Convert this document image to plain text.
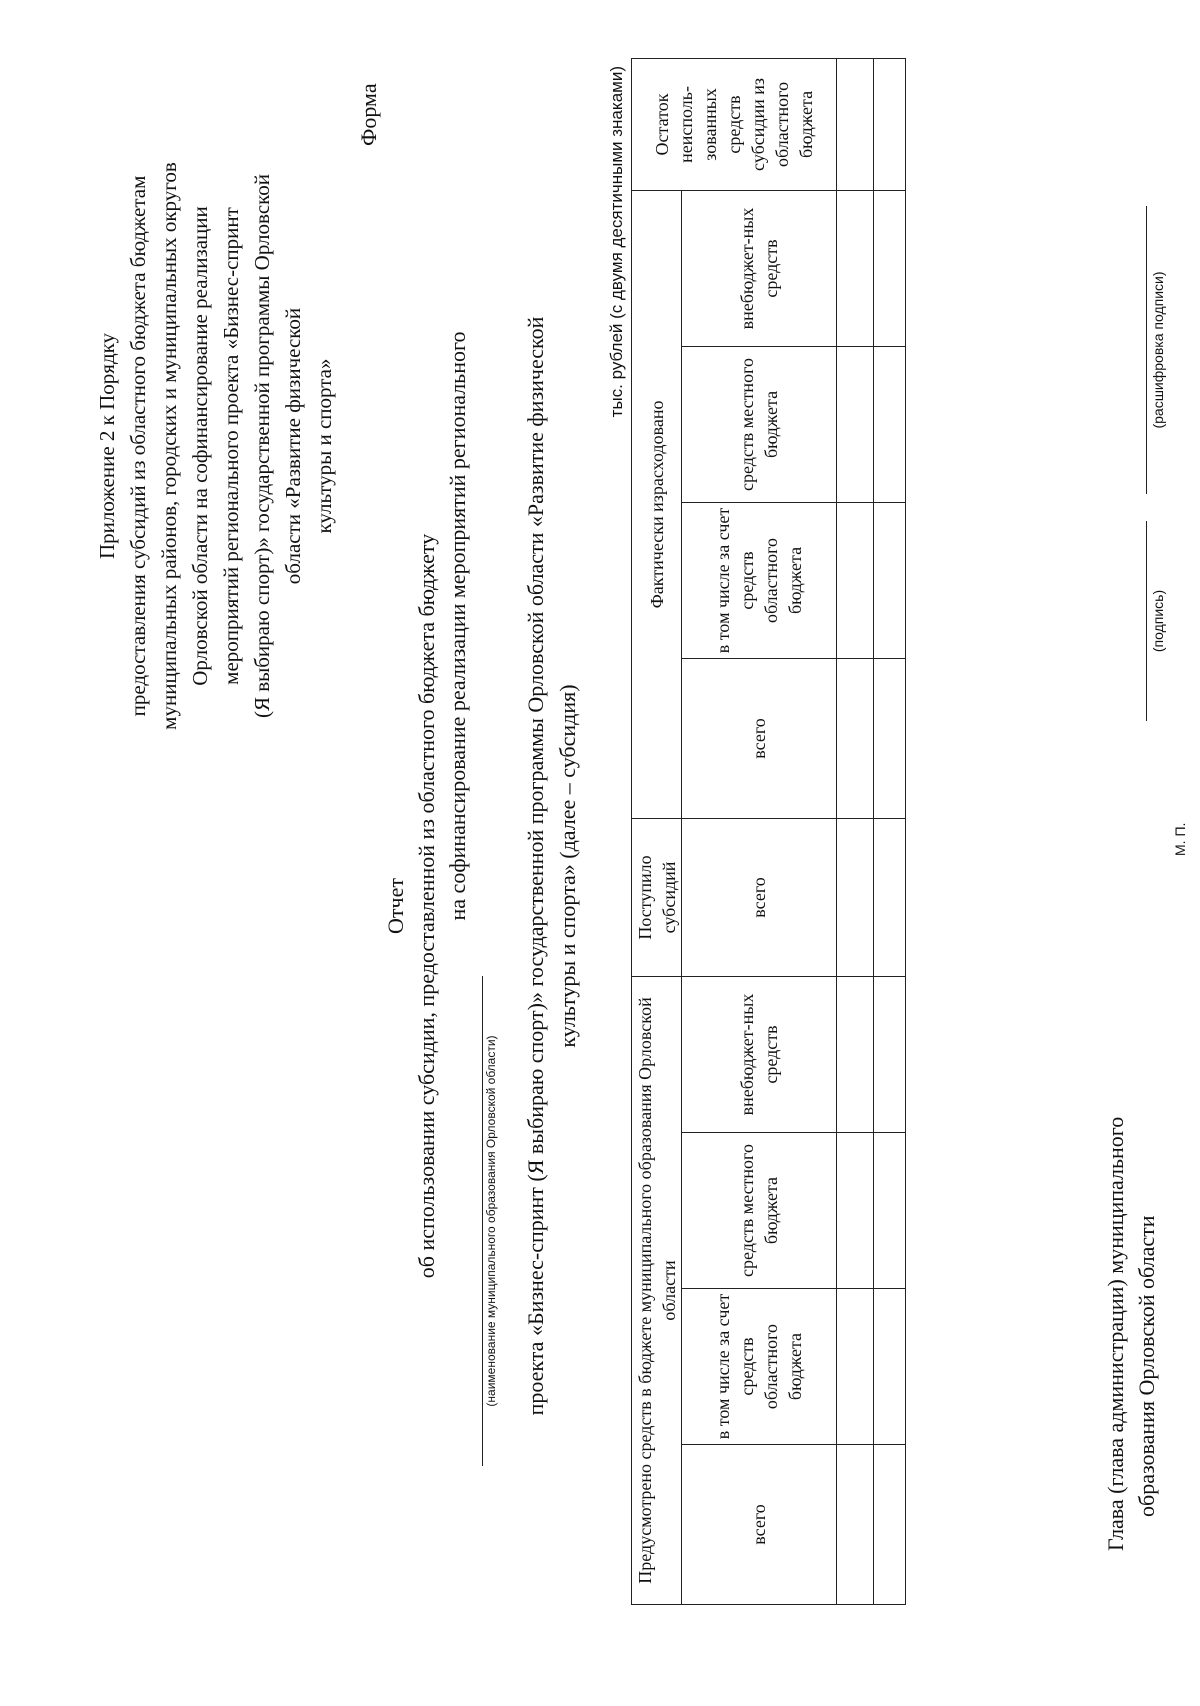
Приложение 2 к Порядку предоставления субсидий из областного бюджета бюджетам муниципальных районов, городских и муниципальных округов Орловской области на софинансирование реализации мероприятий регионального проекта «Бизнес-спринт (Я выбираю спорт)» государственной программы Орловской области «Развитие физической культуры и спорта»
Форма
Отчет об использовании субсидии, предоставленной из областного бюджета бюджету на софинансирование реализации мероприятий регионального
(наименование муниципального образования Орловской области) проекта «Бизнес-спринт (Я выбираю спорт)» государственной программы Орловской области «Развитие физической культуры и спорта» (далее – субсидия)
тыс. рублей (с двумя десятичными знаками)
Предусмотрено средств в бюджете муниципального образования Орловской области				Поступило субсидий	Фактически израсходовано				Остаток неисполь-зованных средств субсидии из областного бюджета
всего	в том числе за счет средств областного бюджета	средств местного бюджета	внебюджет-ных средств	всего	всего	в том числе за счет средств областного бюджета	средств местного бюджета	внебюджет-ных средств	

Глава (глава администрации) муниципального образования Орловской области
М. П.
(подпись)
(расшифровка подписи)
